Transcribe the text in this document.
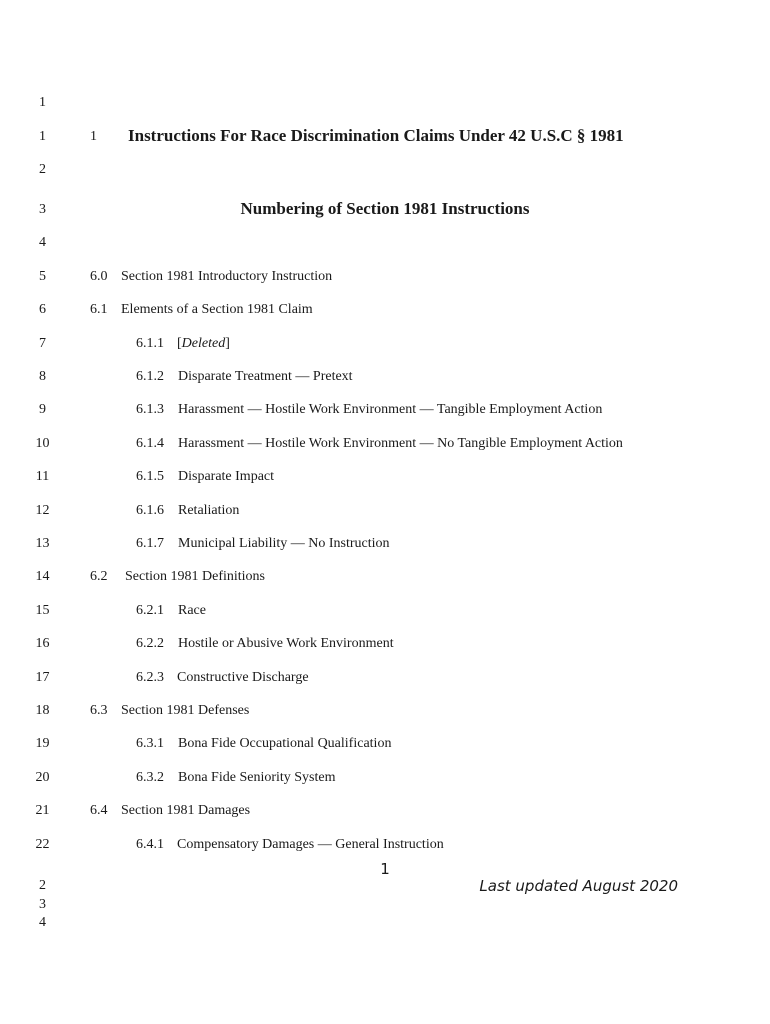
1
1
2
3
4
5
6
7
8
9
10
11
12
13
14
15
16
17
18
19
20
21
22
2
3
4
1 Instructions For Race Discrimination Claims Under 42 U.S.C § 1981
Numbering of Section 1981 Instructions
6.0 Section 1981 Introductory Instruction
6.1 Elements of a Section 1981 Claim
6.1.1 [Deleted]
6.1.2 Disparate Treatment — Pretext
6.1.3 Harassment — Hostile Work Environment — Tangible Employment Action
6.1.4 Harassment — Hostile Work Environment — No Tangible Employment Action
6.1.5 Disparate Impact
6.1.6 Retaliation
6.1.7 Municipal Liability — No Instruction
6.2 Section 1981 Definitions
6.2.1 Race
6.2.2 Hostile or Abusive Work Environment
6.2.3 Constructive Discharge
6.3 Section 1981 Defenses
6.3.1 Bona Fide Occupational Qualification
6.3.2 Bona Fide Seniority System
6.4 Section 1981 Damages
6.4.1 Compensatory Damages — General Instruction
1
Last updated August 2020
